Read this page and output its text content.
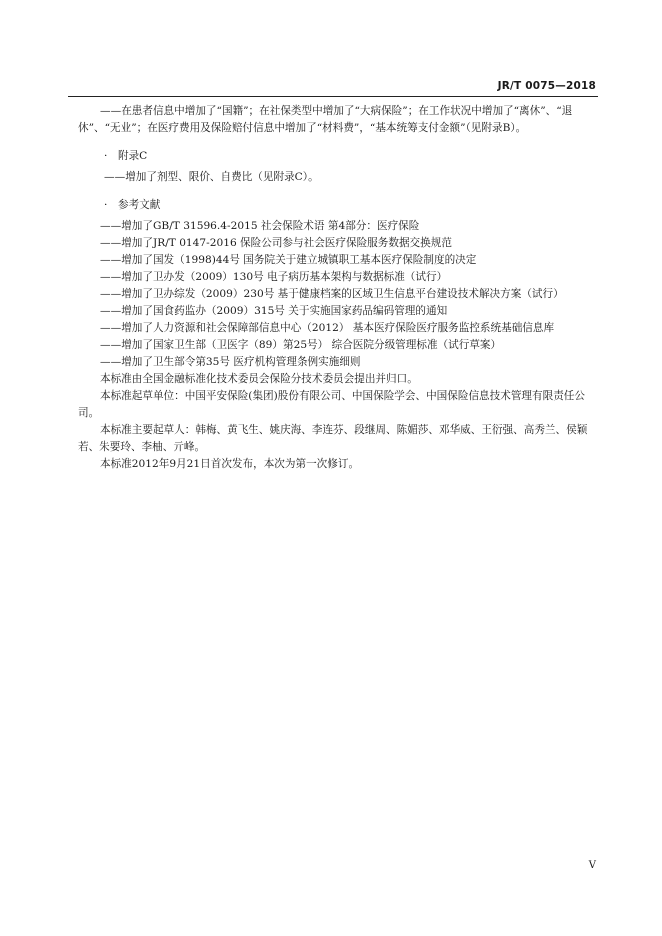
JR/T 0075—2018

——在患者信息中增加了“国籍”；在社保类型中增加了“大病保险”；在工作状况中增加了“离休”、“退休”、“无业”；在医疗费用及保险赔付信息中增加了“材料费”，“基本统筹支付金额”（见附录B）。

· 附录C

——增加了剂型、限价、自费比（见附录C）。

· 参考文献

——增加了GB/T 31596.4-2015 社会保险术语 第4部分：医疗保险

——增加了JR/T 0147-2016 保险公司参与社会医疗保险服务数据交换规范

——增加了国发（1998)44号 国务院关于建立城镇职工基本医疗保险制度的决定

——增加了卫办发（2009）130号 电子病历基本架构与数据标准（试行）

——增加了卫办综发（2009）230号 基于健康档案的区域卫生信息平台建设技术解决方案（试行）

——增加了国食药监办（2009）315号 关于实施国家药品编码管理的通知

——增加了人力资源和社会保障部信息中心（2012） 基本医疗保险医疗服务监控系统基础信息库

——增加了国家卫生部（卫医字（89）第25号） 综合医院分级管理标准（试行草案）

——增加了卫生部令第35号 医疗机构管理条例实施细则

本标准由全国金融标准化技术委员会保险分技术委员会提出并归口。

本标准起草单位：中国平安保险(集团)股份有限公司、中国保险学会、中国保险信息技术管理有限责任公司。

本标准主要起草人：韩梅、黄飞生、姚庆海、李连芬、段继周、陈媚莎、邓华威、王衍强、高秀兰、侯颖若、朱要玲、李柚、亓峰。

本标准2012年9月21日首次发布，本次为第一次修订。

V
